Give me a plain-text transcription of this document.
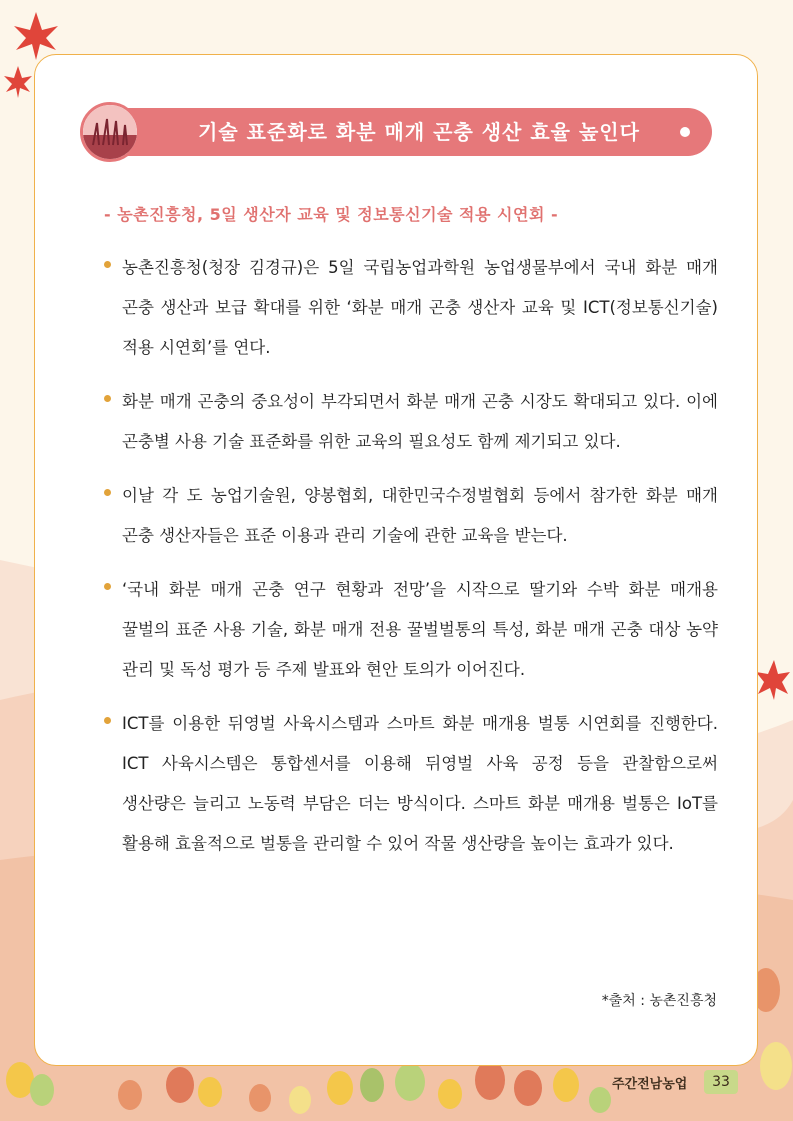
기술 표준화로 화분 매개 곤충 생산 효율 높인다
- 농촌진흥청, 5일 생산자 교육 및 정보통신기술 적용 시연회 -
농촌진흥청(청장 김경규)은 5일 국립농업과학원 농업생물부에서 국내 화분 매개 곤충 생산과 보급 확대를 위한 ‘화분 매개 곤충 생산자 교육 및 ICT(정보통신기술) 적용 시연회’를 연다.
화분 매개 곤충의 중요성이 부각되면서 화분 매개 곤충 시장도 확대되고 있다. 이에 곤충별 사용 기술 표준화를 위한 교육의 필요성도 함께 제기되고 있다.
이날 각 도 농업기술원, 양봉협회, 대한민국수정벌협회 등에서 참가한 화분 매개 곤충 생산자들은 표준 이용과 관리 기술에 관한 교육을 받는다.
‘국내 화분 매개 곤충 연구 현황과 전망’을 시작으로 딸기와 수박 화분 매개용 꿀벌의 표준 사용 기술, 화분 매개 전용 꿀벌벌통의 특성, 화분 매개 곤충 대상 농약 관리 및 독성 평가 등 주제 발표와 현안 토의가 이어진다.
ICT를 이용한 뒤영벌 사육시스템과 스마트 화분 매개용 벌통 시연회를 진행한다. ICT 사육시스템은 통합센서를 이용해 뒤영벌 사육 공정 등을 관찰함으로써 생산량은 늘리고 노동력 부담은 더는 방식이다. 스마트 화분 매개용 벌통은 IoT를 활용해 효율적으로 벌통을 관리할 수 있어 작물 생산량을 높이는 효과가 있다.
*출처 : 농촌진흥청
주간전남농업	33
